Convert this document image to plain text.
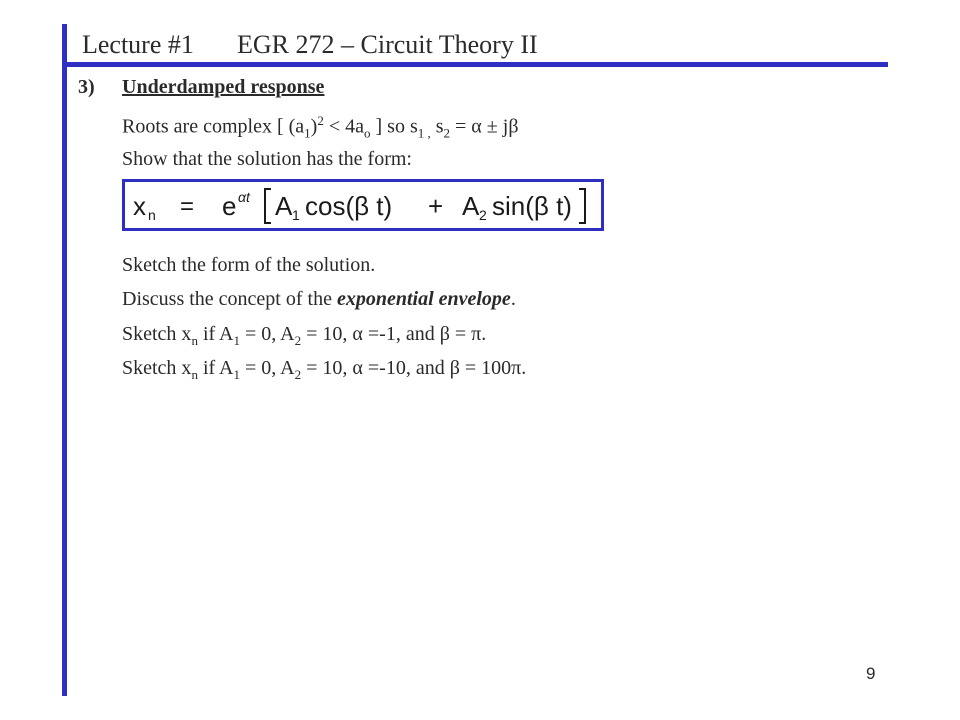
Lecture #1 EGR 272 – Circuit Theory II
3) Underdamped response
Roots are complex [ $(a_1)^2 < 4a_o$ ] so $s_{1 ,}$ $s_2 = \alpha \pm j\beta$
Show that the solution has the form:
x n = e αt A 1 cos(β t) + A 2 sin(β t)
Sketch the form of the solution.
Discuss the concept of the exponential envelope.
Sketch $x_n$ if $A_1 = 0$, $A_2 = 10$, α =-1, and β = π.
Sketch $x_n$ if $A_1 = 0$, $A_2 = 10$, α =-10, and β = 100π.
9
